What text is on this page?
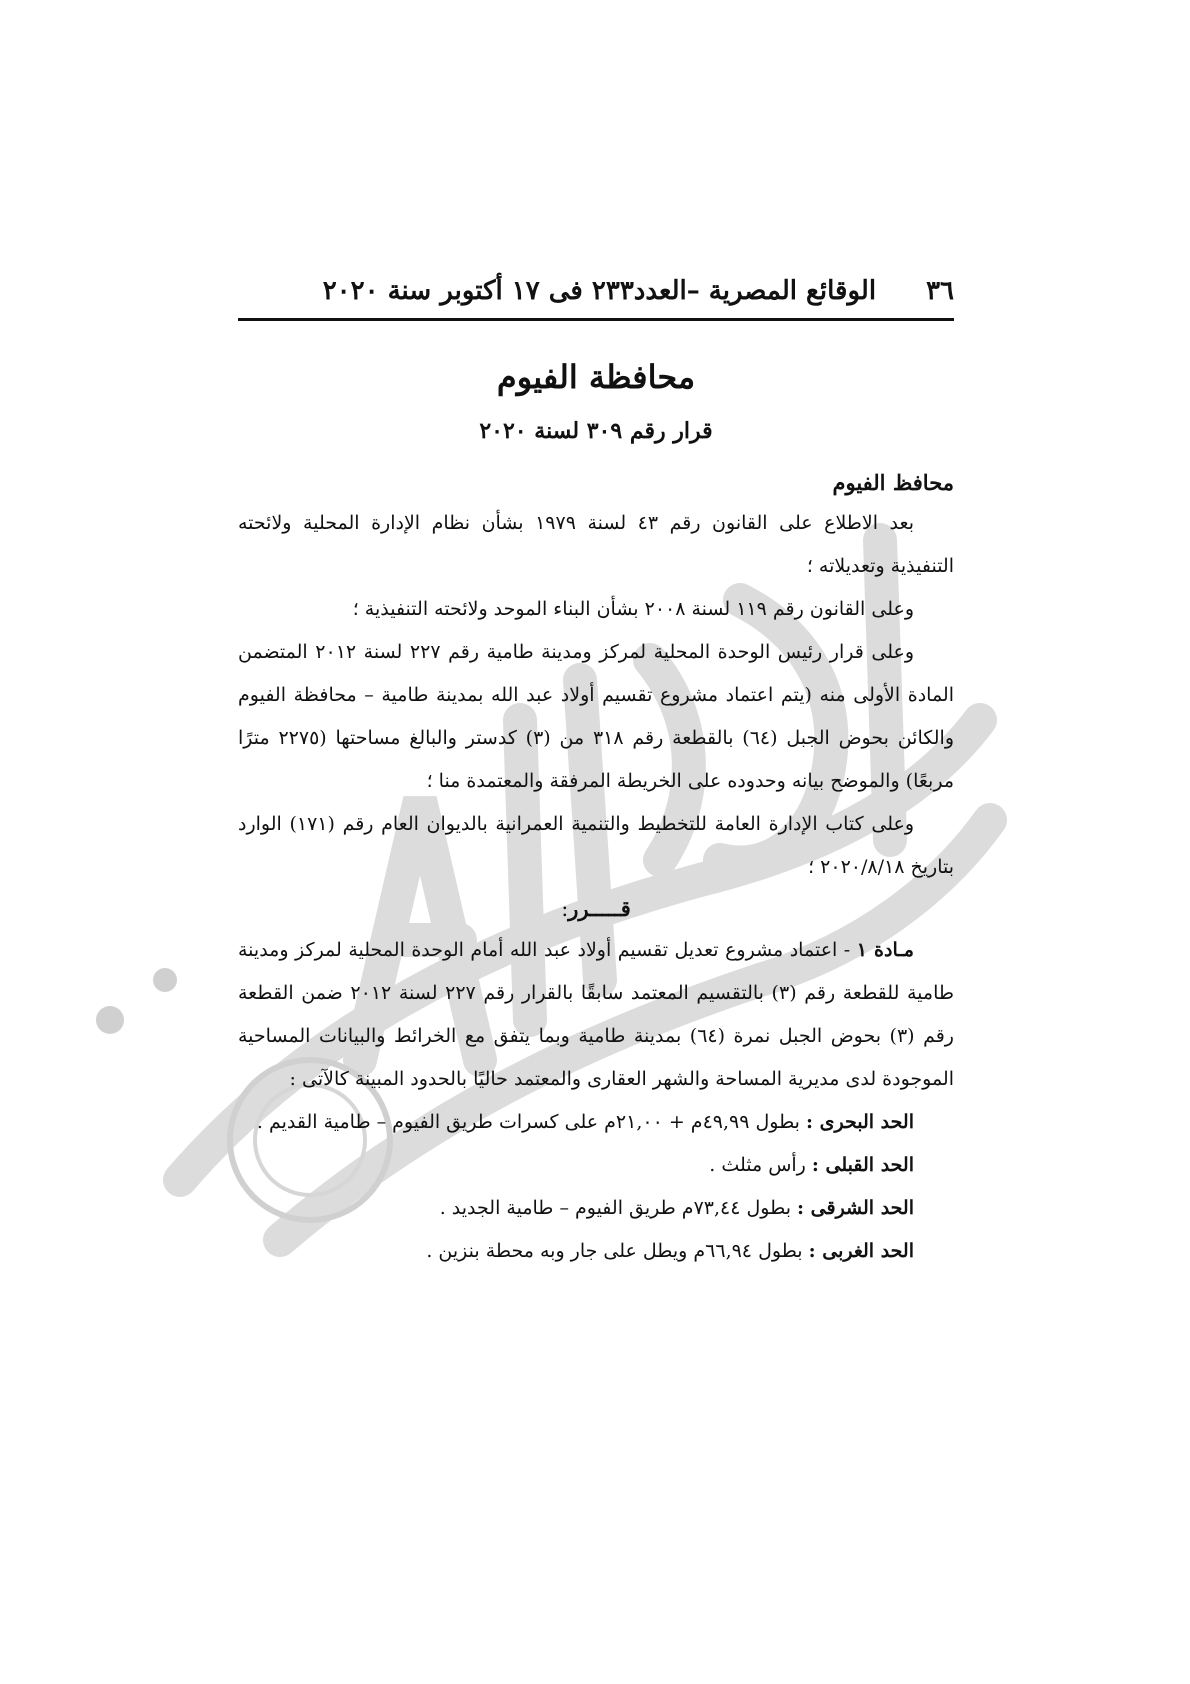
٣٦
الوقائع المصرية –العدد٢٣٣ فى ١٧ أكتوبر سنة ٢٠٢٠
محافظة الفيوم
قرار رقم ٣٠٩ لسنة ٢٠٢٠
محافظ الفيوم

بعد الاطلاع على القانون رقم ٤٣ لسنة ١٩٧٩ بشأن نظام الإدارة المحلية ولائحته التنفيذية وتعديلاته ؛

وعلى القانون رقم ١١٩ لسنة ٢٠٠٨ بشأن البناء الموحد ولائحته التنفيذية ؛

وعلى قرار رئيس الوحدة المحلية لمركز ومدينة طامية رقم ٢٢٧ لسنة ٢٠١٢ المتضمن المادة الأولى منه (يتم اعتماد مشروع تقسيم أولاد عبد الله بمدينة طامية – محافظة الفيوم والكائن بحوض الجبل (٦٤) بالقطعة رقم ٣١٨ من (٣) كدستر والبالغ مساحتها (٢٢٧٥ مترًا مربعًا) والموضح بيانه وحدوده على الخريطة المرفقة والمعتمدة منا ؛

وعلى كتاب الإدارة العامة للتخطيط والتنمية العمرانية بالديوان العام رقم (١٧١) الوارد بتاريخ ٢٠٢٠/٨/١٨ ؛

قـــــرر:

مـادة ١ - اعتماد مشروع تعديل تقسيم أولاد عبد الله أمام الوحدة المحلية لمركز ومدينة طامية للقطعة رقم (٣) بالتقسيم المعتمد سابقًا بالقرار رقم ٢٢٧ لسنة ٢٠١٢ ضمن القطعة رقم (٣) بحوض الجبل نمرة (٦٤) بمدينة طامية وبما يتفق مع الخرائط والبيانات المساحية الموجودة لدى مديرية المساحة والشهر العقارى والمعتمد حاليًا بالحدود المبينة كالآتى :

الحد البحرى : بطول ٤٩,٩٩م + ٢١,٠٠م على كسرات طريق الفيوم – طامية القديم .

الحد القبلى : رأس مثلث .

الحد الشرقى : بطول ٧٣,٤٤م طريق الفيوم – طامية الجديد .

الحد الغربى : بطول ٦٦,٩٤م ويطل على جار وبه محطة بنزين .
